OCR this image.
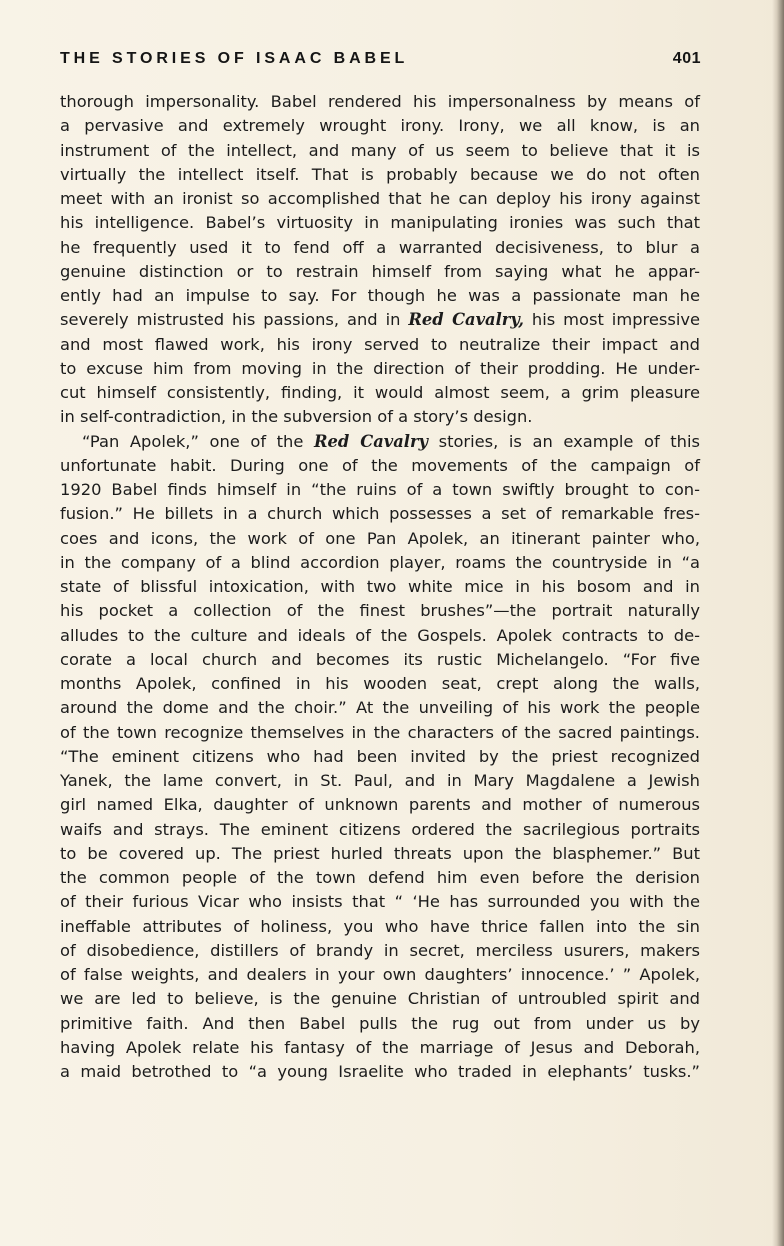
THE STORIES OF ISAAC BABEL	401
thorough impersonality. Babel rendered his impersonalness by means of
a pervasive and extremely wrought irony. Irony, we all know, is an
instrument of the intellect, and many of us seem to believe that it is
virtually the intellect itself. That is probably because we do not often
meet with an ironist so accomplished that he can deploy his irony against
his intelligence. Babel’s virtuosity in manipulating ironies was such that
he frequently used it to fend off a warranted decisiveness, to blur a
genuine distinction or to restrain himself from saying what he appar-
ently had an impulse to say. For though he was a passionate man he
severely mistrusted his passions, and in Red Cavalry, his most impressive
and most flawed work, his irony served to neutralize their impact and
to excuse him from moving in the direction of their prodding. He under-
cut himself consistently, finding, it would almost seem, a grim pleasure
in self-contradiction, in the subversion of a story’s design.
“Pan Apolek,” one of the Red Cavalry stories, is an example of this
unfortunate habit. During one of the movements of the campaign of
1920 Babel finds himself in “the ruins of a town swiftly brought to con-
fusion.” He billets in a church which possesses a set of remarkable fres-
coes and icons, the work of one Pan Apolek, an itinerant painter who,
in the company of a blind accordion player, roams the countryside in “a
state of blissful intoxication, with two white mice in his bosom and in
his pocket a collection of the finest brushes”—the portrait naturally
alludes to the culture and ideals of the Gospels. Apolek contracts to de-
corate a local church and becomes its rustic Michelangelo. “For five
months Apolek, confined in his wooden seat, crept along the walls,
around the dome and the choir.” At the unveiling of his work the people
of the town recognize themselves in the characters of the sacred paintings.
“The eminent citizens who had been invited by the priest recognized
Yanek, the lame convert, in St. Paul, and in Mary Magdalene a Jewish
girl named Elka, daughter of unknown parents and mother of numerous
waifs and strays. The eminent citizens ordered the sacrilegious portraits
to be covered up. The priest hurled threats upon the blasphemer.” But
the common people of the town defend him even before the derision
of their furious Vicar who insists that “ ‘He has surrounded you with the
ineffable attributes of holiness, you who have thrice fallen into the sin
of disobedience, distillers of brandy in secret, merciless usurers, makers
of false weights, and dealers in your own daughters’ innocence.’ ” Apolek,
we are led to believe, is the genuine Christian of untroubled spirit and
primitive faith. And then Babel pulls the rug out from under us by
having Apolek relate his fantasy of the marriage of Jesus and Deborah,
a maid betrothed to “a young Israelite who traded in elephants’ tusks.”
